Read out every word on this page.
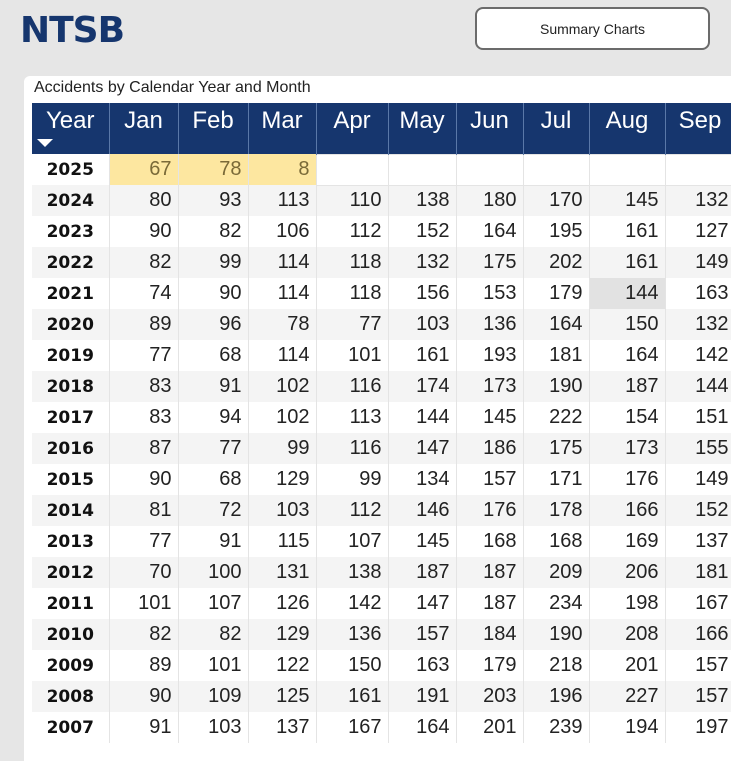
NTSB	Summary Charts
Accidents by Calendar Year and Month
Year	Jan	Feb	Mar	Apr	May	Jun	Jul	Aug	Sep
2025	67	78	8						
2024	80	93	113	110	138	180	170	145	132
2023	90	82	106	112	152	164	195	161	127
2022	82	99	114	118	132	175	202	161	149
2021	74	90	114	118	156	153	179	144	163
2020	89	96	78	77	103	136	164	150	132
2019	77	68	114	101	161	193	181	164	142
2018	83	91	102	116	174	173	190	187	144
2017	83	94	102	113	144	145	222	154	151
2016	87	77	99	116	147	186	175	173	155
2015	90	68	129	99	134	157	171	176	149
2014	81	72	103	112	146	176	178	166	152
2013	77	91	115	107	145	168	168	169	137
2012	70	100	131	138	187	187	209	206	181
2011	101	107	126	142	147	187	234	198	167
2010	82	82	129	136	157	184	190	208	166
2009	89	101	122	150	163	179	218	201	157
2008	90	109	125	161	191	203	196	227	157
2007	91	103	137	167	164	201	239	194	197
